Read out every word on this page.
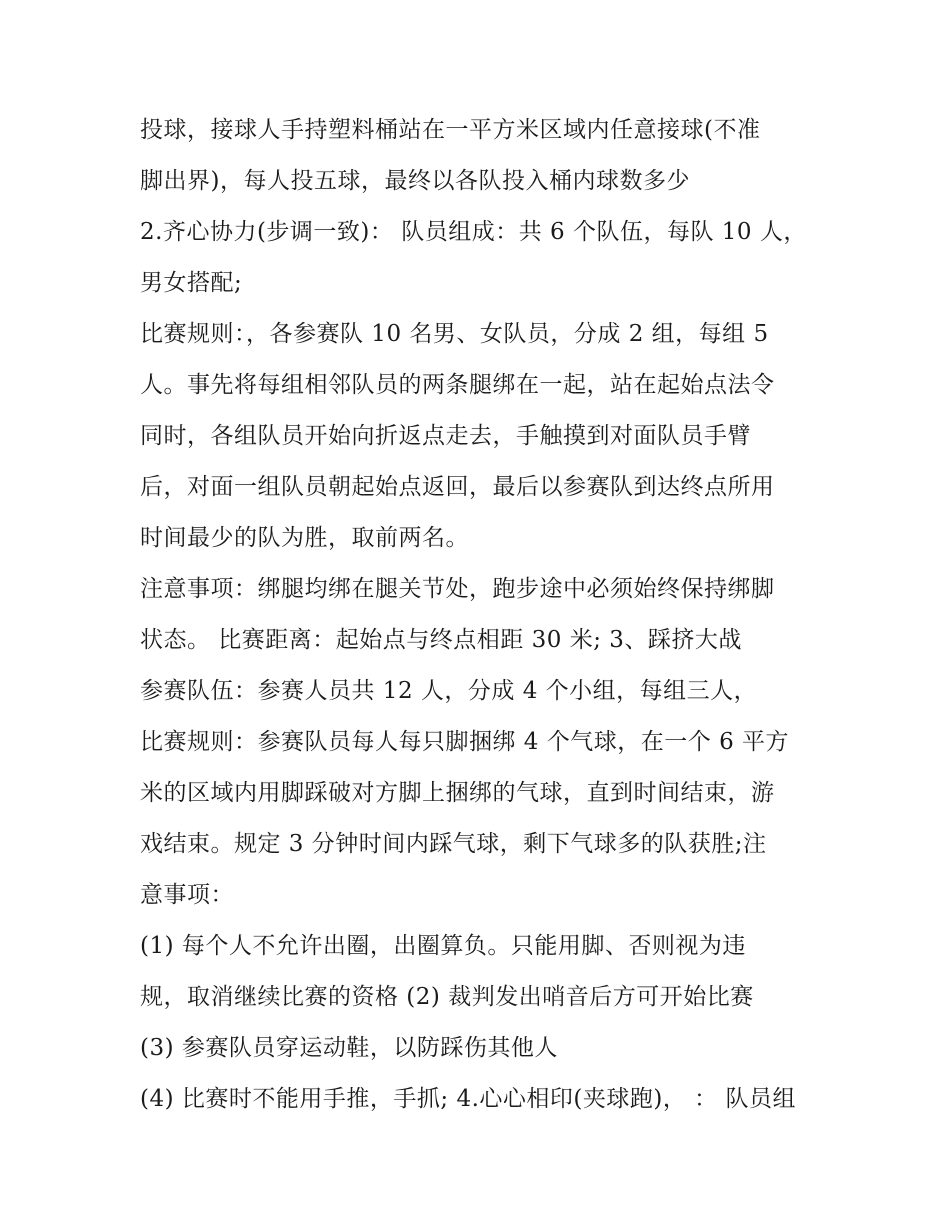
投球，接球人手持塑料桶站在一平方米区域内任意接球(不准
脚出界)，每人投五球，最终以各队投入桶内球数多少
2.齐心协力(步调一致)： 队员组成：共 6 个队伍，每队 10 人，
男女搭配;
比赛规则：，各参赛队 10 名男、女队员，分成 2 组，每组 5
人。事先将每组相邻队员的两条腿绑在一起，站在起始点法令
同时，各组队员开始向折返点走去，手触摸到对面队员手臂
后，对面一组队员朝起始点返回，最后以参赛队到达终点所用
时间最少的队为胜，取前两名。
注意事项：绑腿均绑在腿关节处，跑步途中必须始终保持绑脚
状态。 比赛距离：起始点与终点相距 30 米; 3、踩挤大战
参赛队伍：参赛人员共 12 人，分成 4 个小组，每组三人，
比赛规则：参赛队员每人每只脚捆绑 4 个气球，在一个 6 平方
米的区域内用脚踩破对方脚上捆绑的气球，直到时间结束，游
戏结束。规定 3 分钟时间内踩气球，剩下气球多的队获胜;注
意事项：
(1) 每个人不允许出圈，出圈算负。只能用脚、否则视为违
规，取消继续比赛的资格 (2) 裁判发出哨音后方可开始比赛
(3) 参赛队员穿运动鞋，以防踩伤其他人
(4) 比赛时不能用手推，手抓; 4.心心相印(夹球跑)， ： 队员组
